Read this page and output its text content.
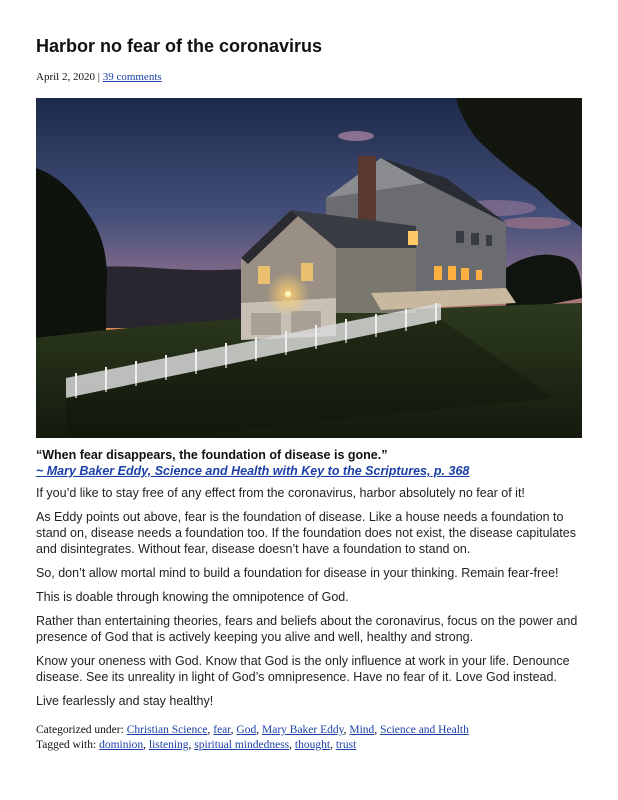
Harbor no fear of the coronavirus
April 2, 2020 | 39 comments
“When fear disappears, the foundation of disease is gone.”
~ Mary Baker Eddy, Science and Health with Key to the Scriptures, p. 368

If you’d like to stay free of any effect from the coronavirus, harbor absolutely no fear of it!

As Eddy points out above, fear is the foundation of disease. Like a house needs a foundation to stand on, disease needs a foundation too. If the foundation does not exist, the disease capitulates and disintegrates. Without fear, disease doesn’t have a foundation to stand on.

So, don’t allow mortal mind to build a foundation for disease in your thinking. Remain fear-free!

This is doable through knowing the omnipotence of God.

Rather than entertaining theories, fears and beliefs about the coronavirus, focus on the power and presence of God that is actively keeping you alive and well, healthy and strong.

Know your oneness with God. Know that God is the only influence at work in your life. Denounce disease. See its unreality in light of God’s omnipresence. Have no fear of it. Love God instead.

Live fearlessly and stay healthy!

Categorized under: Christian Science, fear, God, Mary Baker Eddy, Mind, Science and Health
Tagged with: dominion, listening, spiritual mindedness, thought, trust
